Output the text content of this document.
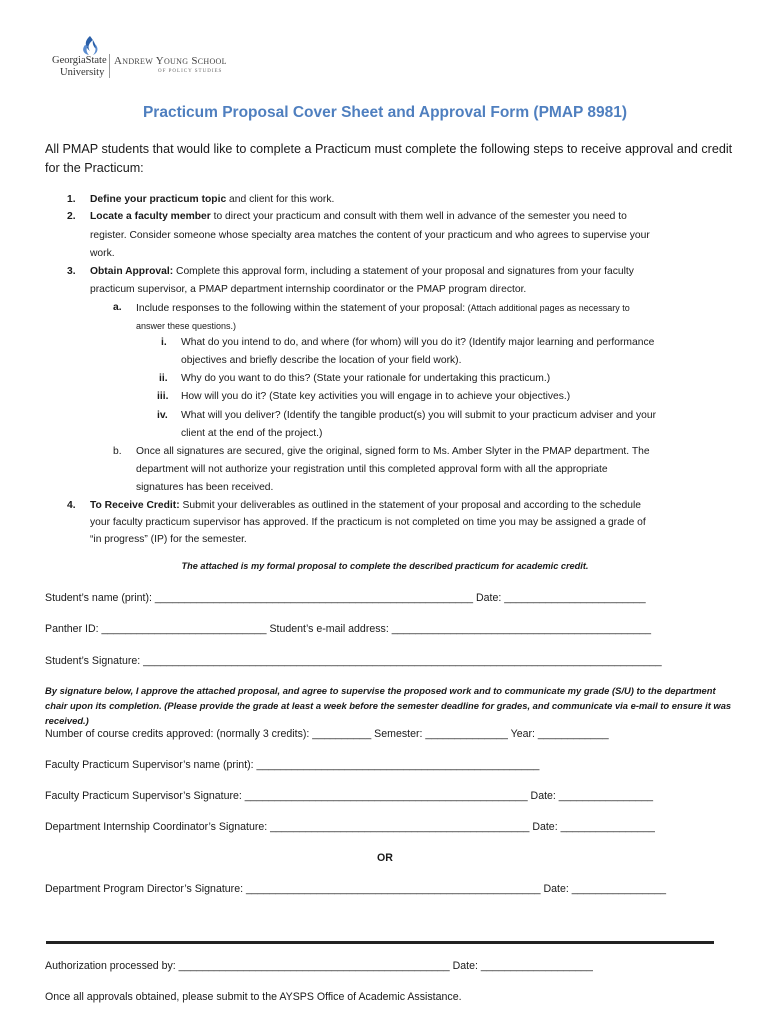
GeorgiaState
University
Andrew Young School
OF POLICY STUDIES
Practicum Proposal Cover Sheet and Approval Form (PMAP 8981)
All PMAP students that would like to complete a Practicum must complete the following steps to receive approval and credit for the Practicum:
1. Define your practicum topic and client for this work.
2. Locate a faculty member to direct your practicum and consult with them well in advance of the semester you need to
register. Consider someone whose specialty area matches the content of your practicum and who agrees to supervise your
work.
3. Obtain Approval: Complete this approval form, including a statement of your proposal and signatures from your faculty
practicum supervisor, a PMAP department internship coordinator or the PMAP program director.
a. Include responses to the following within the statement of your proposal: (Attach additional pages as necessary to
answer these questions.)
i. What do you intend to do, and where (for whom) will you do it? (Identify major learning and performance
objectives and briefly describe the location of your field work).
ii. Why do you want to do this? (State your rationale for undertaking this practicum.)
iii. How will you do it? (State key activities you will engage in to achieve your objectives.)
iv. What will you deliver? (Identify the tangible product(s) you will submit to your practicum adviser and your
client at the end of the project.)
b. Once all signatures are secured, give the original, signed form to Ms. Amber Slyter in the PMAP department. The
department will not authorize your registration until this completed approval form with all the appropriate
signatures has been received.
4. To Receive Credit: Submit your deliverables as outlined in the statement of your proposal and according to the schedule
your faculty practicum supervisor has approved. If the practicum is not completed on time you may be assigned a grade of
“in progress” (IP) for the semester.
The attached is my formal proposal to complete the described practicum for academic credit.
Student’s name (print): ______________________________________________________ Date: ________________________
Panther ID: ____________________________ Student’s e-mail address: ____________________________________________
Student’s Signature: ________________________________________________________________________________________
By signature below, I approve the attached proposal, and agree to supervise the proposed work and to communicate my grade (S/U) to the department chair upon its completion. (Please provide the grade at least a week before the semester deadline for grades, and communicate via e-mail to ensure it was received.)
Number of course credits approved: (normally 3 credits): __________ Semester: ______________ Year: ____________
Faculty Practicum Supervisor’s name (print): ________________________________________________
Faculty Practicum Supervisor’s Signature: ________________________________________________ Date: ________________
Department Internship Coordinator’s Signature: ____________________________________________ Date: ________________
OR
Department Program Director’s Signature: __________________________________________________ Date: ________________
Authorization processed by: ______________________________________________ Date: ___________________
Once all approvals obtained, please submit to the AYSPS Office of Academic Assistance.
